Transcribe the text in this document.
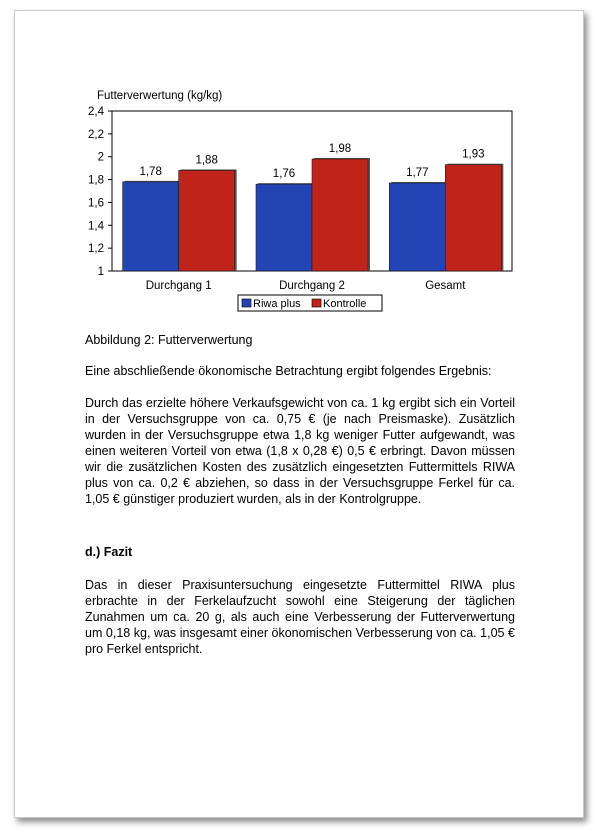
Futterverwertung (kg/kg)
1
1,2
1,4
1,6
1,8
2
2,2
2,4
1,78
1,88
1,76
1,98
1,77
1,93
Durchgang 1	Durchgang 2	Gesamt
Riwa plus Kontrolle
Abbildung 2: Futterverwertung

Eine abschließende ökonomische Betrachtung ergibt folgendes Ergebnis:

Durch das erzielte höhere Verkaufsgewicht von ca. 1 kg ergibt sich ein Vorteil in der Versuchsgruppe von ca. 0,75 € (je nach Preismaske). Zusätzlich wurden in der Versuchsgruppe etwa 1,8 kg weniger Futter aufgewandt, was einen weiteren Vorteil von etwa (1,8 x 0,28 €) 0,5 € erbringt. Davon müssen wir die zusätzlichen Kosten des zusätzlich eingesetzten Futtermittels RIWA plus von ca. 0,2 € abziehen, so dass in der Versuchsgruppe Ferkel für ca. 1,05 € günstiger produziert wurden, als in der Kontrolgruppe.

d.) Fazit

Das in dieser Praxisuntersuchung eingesetzte Futtermittel RIWA plus erbrachte in der Ferkelaufzucht sowohl eine Steigerung der täglichen Zunahmen um ca. 20 g, als auch eine Verbesserung der Futterverwertung um 0,18 kg, was insgesamt einer ökonomischen Verbesserung von ca. 1,05 € pro Ferkel entspricht.
